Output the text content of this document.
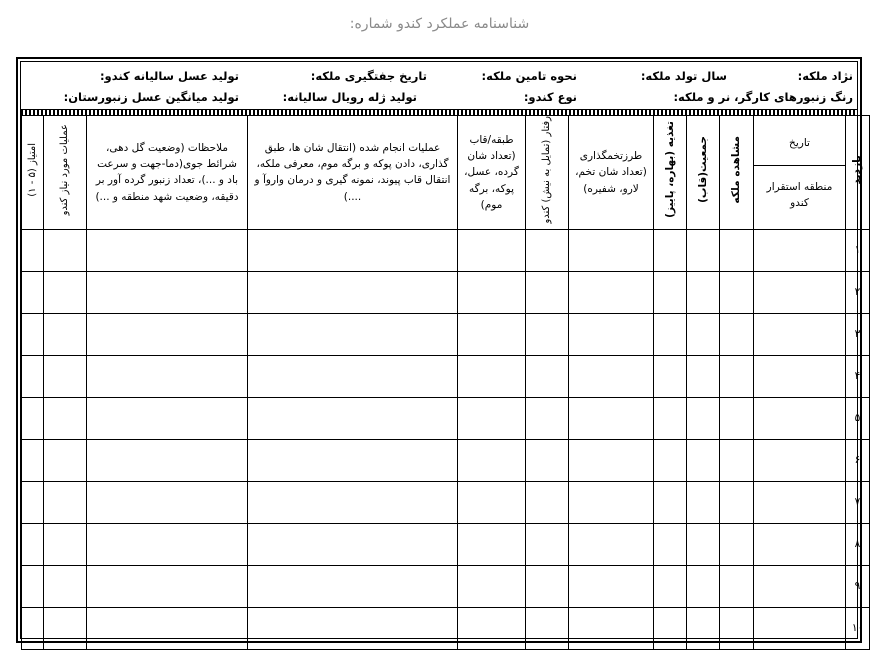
شناسنامه عملکرد کندو شماره:
نژاد ملکه:
سال تولد ملکه:
نحوه تامین ملکه:
تاریخ جفتگیری ملکه:
تولید عسل سالیانه کندو:
رنگ زنبورهای کارگر، نر و ملکه:
نوع کندو:
تولید ژله رویال سالیانه:
تولید میانگین عسل زنبورستان:
بازدید	تاریخ
منطقه استقرار کندو	مشاهده ملکه	جمعیت(قاب)	تغذیه (بهاره، پاییز)	طرزتخمگذاری (تعداد شان تخم، لارو، شفیره)	رفتار (تمایل به نیش) کندو	طبقه/قاب (تعداد شان گرده، عسل، پوکه، برگه موم)	عملیات انجام شده (انتقال شان ها، طبق گذاری، دادن پوکه و برگه موم، معرفی ملکه، انتقال قاب پیوند، نمونه گیری و درمان واروآ و ....)	ملاحظات (وضعیت گل دهی، شرائط جوی(دما-جهت و سرعت باد و ...)، تعداد زنبور گرده آور بر دقیقه، وضعیت شهد منطقه و ...)	عملیات مورد نیاز کندو	امتیاز (۵ - ۱)
۱											
۲											
۳											
۴											
۵											
۶											
۷											
۸											
۹											
۱۰											
